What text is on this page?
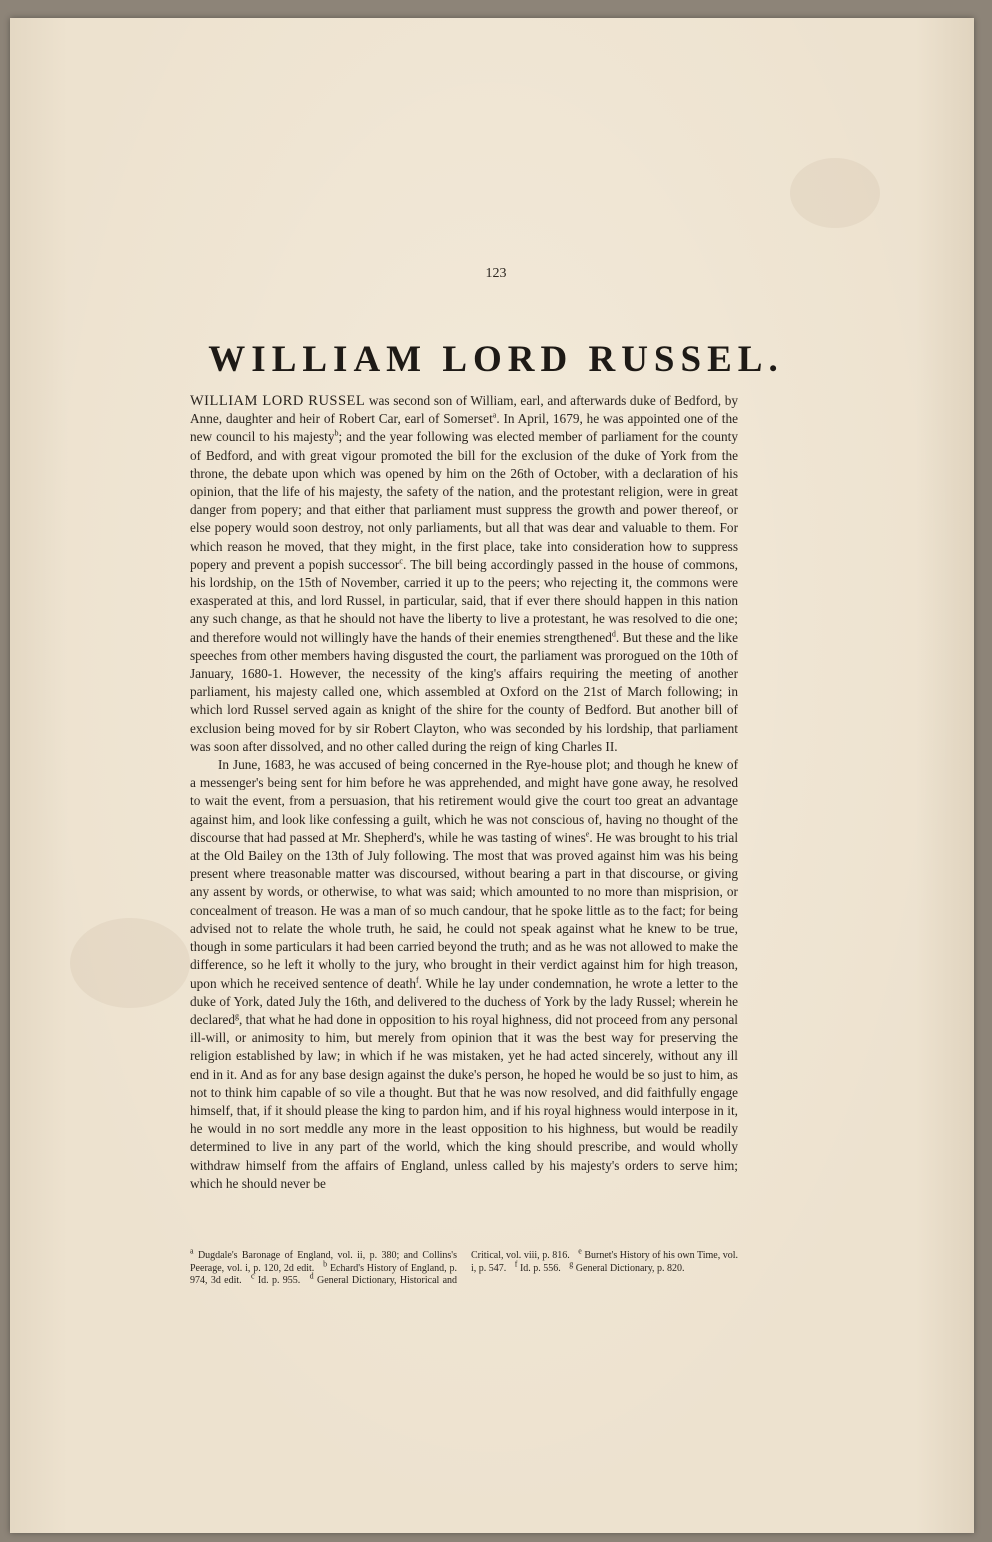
123
WILLIAM LORD RUSSEL.

WILLIAM LORD RUSSEL was second son of William, earl, and afterwards duke of Bedford, by Anne, daughter and heir of Robert Car, earl of Somerset$^a$. In April, 1679, he was appointed one of the new council to his majesty$^b$; and the year following was elected member of parliament for the county of Bedford, and with great vigour promoted the bill for the exclusion of the duke of York from the throne, the debate upon which was opened by him on the 26th of October, with a declaration of his opinion, that the life of his majesty, the safety of the nation, and the protestant religion, were in great danger from popery; and that either that parliament must suppress the growth and power thereof, or else popery would soon destroy, not only parliaments, but all that was dear and valuable to them. For which reason he moved, that they might, in the first place, take into consideration how to suppress popery and prevent a popish successor$^c$. The bill being accordingly passed in the house of commons, his lordship, on the 15th of November, carried it up to the peers; who rejecting it, the commons were exasperated at this, and lord Russel, in particular, said, that if ever there should happen in this nation any such change, as that he should not have the liberty to live a protestant, he was resolved to die one; and therefore would not willingly have the hands of their enemies strengthened$^d$. But these and the like speeches from other members having disgusted the court, the parliament was prorogued on the 10th of January, 1680-1. However, the necessity of the king's affairs requiring the meeting of another parliament, his majesty called one, which assembled at Oxford on the 21st of March following; in which lord Russel served again as knight of the shire for the county of Bedford. But another bill of exclusion being moved for by sir Robert Clayton, who was seconded by his lordship, that parliament was soon after dissolved, and no other called during the reign of king Charles II.

In June, 1683, he was accused of being concerned in the Rye-house plot; and though he knew of a messenger's being sent for him before he was apprehended, and might have gone away, he resolved to wait the event, from a persuasion, that his retirement would give the court too great an advantage against him, and look like confessing a guilt, which he was not conscious of, having no thought of the discourse that had passed at Mr. Shepherd's, while he was tasting of wines$^e$. He was brought to his trial at the Old Bailey on the 13th of July following. The most that was proved against him was his being present where treasonable matter was discoursed, without bearing a part in that discourse, or giving any assent by words, or otherwise, to what was said; which amounted to no more than misprision, or concealment of treason. He was a man of so much candour, that he spoke little as to the fact; for being advised not to relate the whole truth, he said, he could not speak against what he knew to be true, though in some particulars it had been carried beyond the truth; and as he was not allowed to make the difference, so he left it wholly to the jury, who brought in their verdict against him for high treason, upon which he received sentence of death$^f$. While he lay under condemnation, he wrote a letter to the duke of York, dated July the 16th, and delivered to the duchess of York by the lady Russel; wherein he declared$^g$, that what he had done in opposition to his royal highness, did not proceed from any personal ill-will, or animosity to him, but merely from opinion that it was the best way for preserving the religion established by law; in which if he was mistaken, yet he had acted sincerely, without any ill end in it. And as for any base design against the duke's person, he hoped he would be so just to him, as not to think him capable of so vile a thought. But that he was now resolved, and did faithfully engage himself, that, if it should please the king to pardon him, and if his royal highness would interpose in it, he would in no sort meddle any more in the least opposition to his highness, but would be readily determined to live in any part of the world, which the king should prescribe, and would wholly withdraw himself from the affairs of England, unless called by his majesty's orders to serve him; which he should never be

$^a$ Dugdale's Baronage of England, vol. ii, p. 380; and Collins's Peerage, vol. i, p. 120, 2d edit. $^b$ Echard's History of England, p. 974, 3d edit. $^c$ Id. p. 955. $^d$ General Dictionary, Historical and Critical, vol. viii, p. 816. $^e$ Burnet's History of his own Time, vol. i, p. 547. $^f$ Id. p. 556. $^g$ General Dictionary, p. 820.
